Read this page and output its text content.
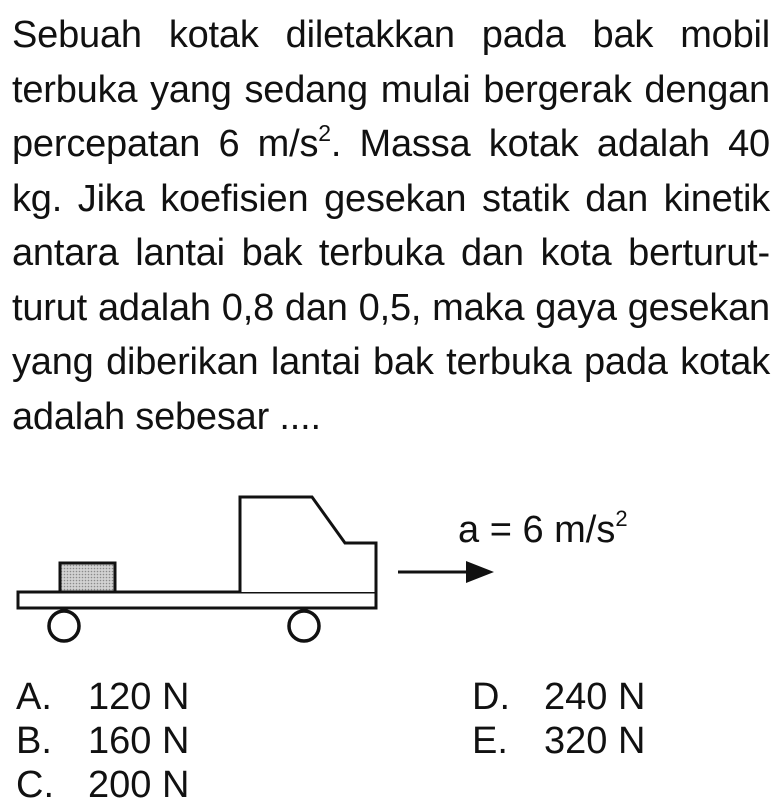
Sebuah kotak diletakkan pada bak mobil terbuka yang sedang mulai bergerak dengan percepatan 6 $m/s^2$. Massa kotak adalah 40 kg. Jika koefisien gesekan statik dan kinetik antara lantai bak terbuka dan kota berturut-turut adalah 0,8 dan 0,5, maka gaya gesekan yang diberikan lantai bak terbuka pada kotak adalah sebesar ....
a = 6 $m/s^2$
A. 120 N
B. 160 N
C. 200 N
D. 240 N
E. 320 N
